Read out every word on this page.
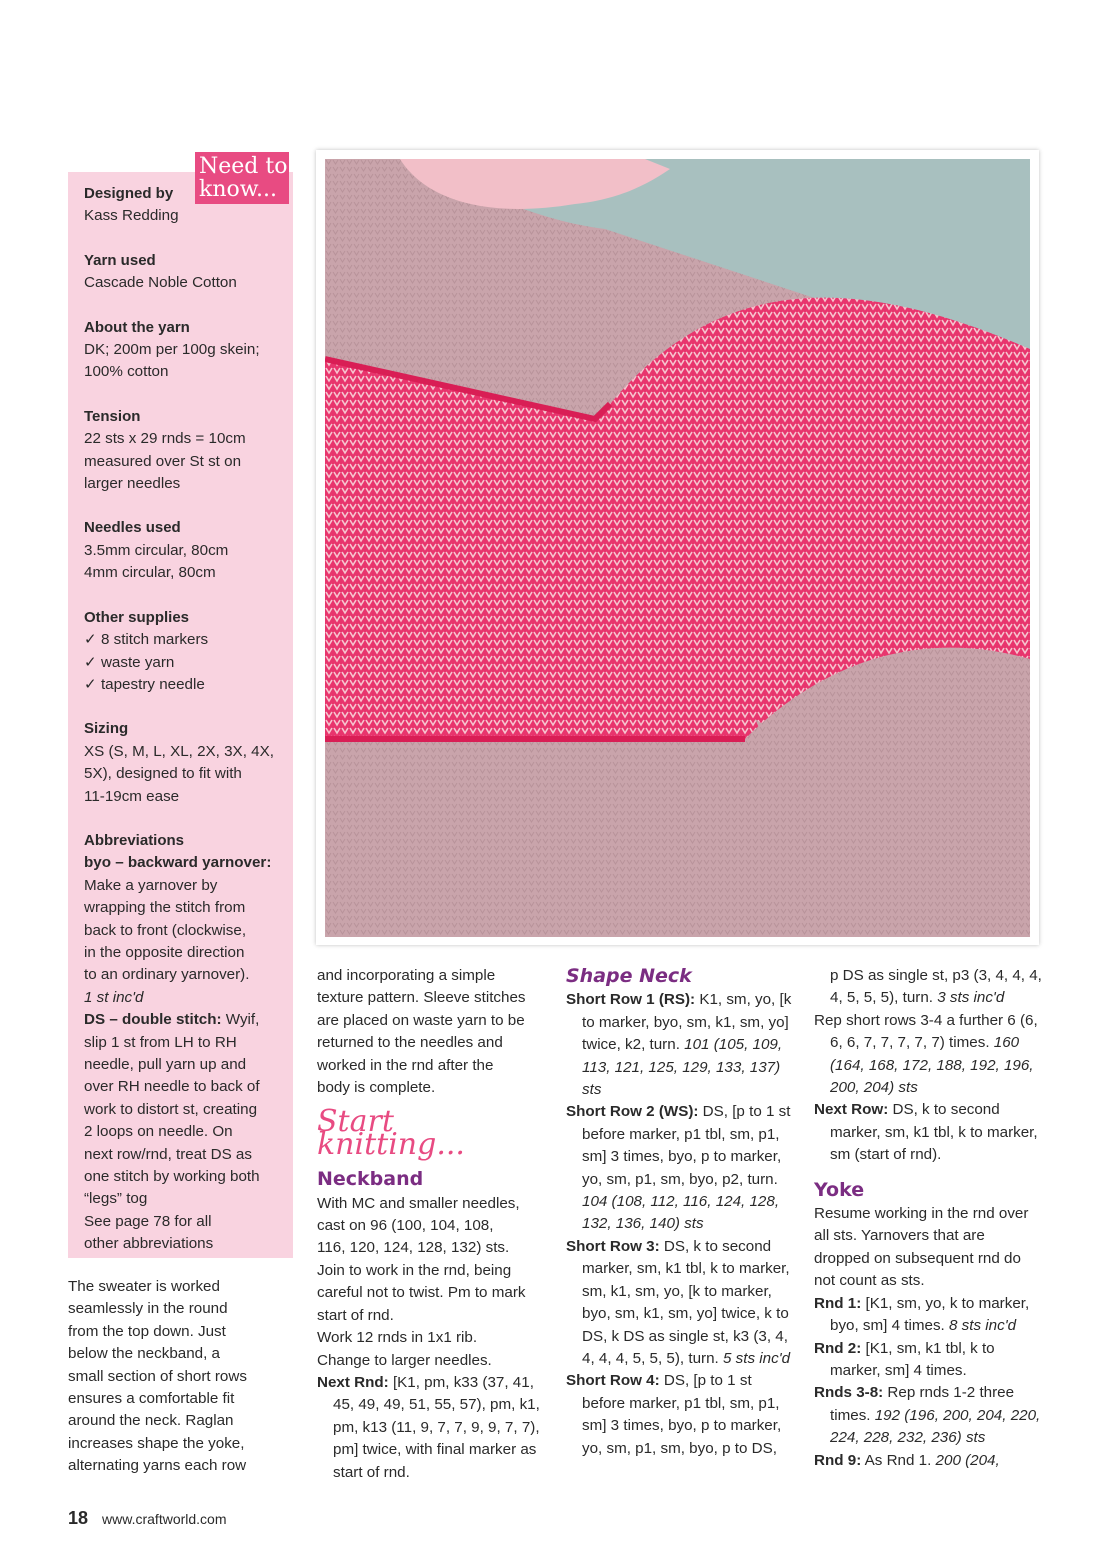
Need to
know...
Designed by

Kass Redding

Yarn used

Cascade Noble Cotton

About the yarn

DK; 200m per 100g skein;

100% cotton

Tension

22 sts x 29 rnds = 10cm

measured over St st on

larger needles

Needles used

3.5mm circular, 80cm

4mm circular, 80cm

Other supplies

✓ 8 stitch markers

✓ waste yarn

✓ tapestry needle

Sizing

XS (S, M, L, XL, 2X, 3X, 4X,

5X), designed to fit with

11-19cm ease

Abbreviations

byo – backward yarnover:

Make a yarnover by

wrapping the stitch from

back to front (clockwise,

in the opposite direction

to an ordinary yarnover).

1 st inc'd

DS – double stitch: Wyif,

slip 1 st from LH to RH

needle, pull yarn up and

over RH needle to back of

work to distort st, creating

2 loops on needle. On

next row/rnd, treat DS as

one stitch by working both

“legs” tog

See page 78 for all

other abbreviations

The sweater is worked

seamlessly in the round

from the top down. Just

below the neckband, a

small section of short rows

ensures a comfortable fit

around the neck. Raglan

increases shape the yoke,

alternating yarns each row

and incorporating a simple

texture pattern. Sleeve stitches

are placed on waste yarn to be

returned to the needles and

worked in the rnd after the

body is complete.

Start knitting...
Neckband

With MC and smaller needles,

cast on 96 (100, 104, 108,

116, 120, 124, 128, 132) sts.

Join to work in the rnd, being

careful not to twist. Pm to mark

start of rnd.

Work 12 rnds in 1x1 rib.

Change to larger needles.

Next Rnd: [K1, pm, k33 (37, 41, 45, 49, 49, 51, 55, 57), pm, k1, pm, k13 (11, 9, 7, 7, 9, 9, 7, 7), pm] twice, with final marker as start of rnd.

Shape Neck

Short Row 1 (RS): K1, sm, yo, [k to marker, byo, sm, k1, sm, yo] twice, k2, turn. 101 (105, 109, 113, 121, 125, 129, 133, 137) sts

Short Row 2 (WS): DS, [p to 1 st before marker, p1 tbl, sm, p1, sm] 3 times, byo, p to marker, yo, sm, p1, sm, byo, p2, turn. 104 (108, 112, 116, 124, 128, 132, 136, 140) sts

Short Row 3: DS, k to second marker, sm, k1 tbl, k to marker, sm, k1, sm, yo, [k to marker, byo, sm, k1, sm, yo] twice, k to DS, k DS as single st, k3 (3, 4, 4, 4, 4, 5, 5, 5), turn. 5 sts inc'd

Short Row 4: DS, [p to 1 st before marker, p1 tbl, sm, p1, sm] 3 times, byo, p to marker, yo, sm, p1, sm, byo, p to DS,

p DS as single st, p3 (3, 4, 4, 4, 4, 5, 5, 5), turn. 3 sts inc'd

Rep short rows 3-4 a further 6 (6, 6, 6, 7, 7, 7, 7, 7) times. 160 (164, 168, 172, 188, 192, 196, 200, 204) sts

Next Row: DS, k to second marker, sm, k1 tbl, k to marker, sm (start of rnd).

Yoke

Resume working in the rnd over all sts. Yarnovers that are dropped on subsequent rnd do not count as sts.

Rnd 1: [K1, sm, yo, k to marker, byo, sm] 4 times. 8 sts inc'd

Rnd 2: [K1, sm, k1 tbl, k to marker, sm] 4 times.

Rnds 3-8: Rep rnds 1-2 three times. 192 (196, 200, 204, 220, 224, 228, 232, 236) sts

Rnd 9: As Rnd 1. 200 (204,

18 www.craftworld.com
